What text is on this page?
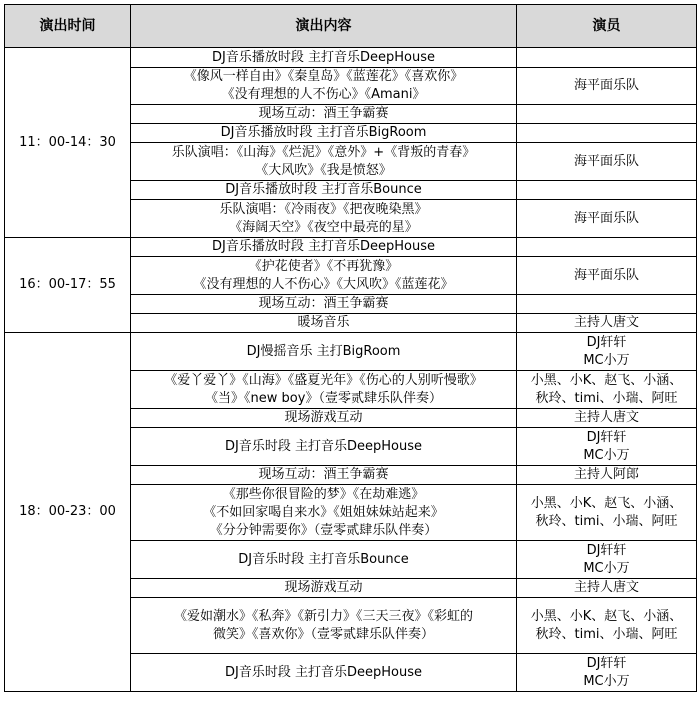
演出时间	演出内容	演员
11：00-14：30	DJ音乐播放时段 主打音乐DeepHouse	

	《像风一样自由》《秦皇岛》《蓝莲花》《喜欢你》
《没有理想的人不伤心》《Amani》	海平面乐队

	现场互动：酒王争霸赛	

	DJ音乐播放时段 主打音乐BigRoom	

	乐队演唱：《山海》《烂泥》《意外》+《背叛的青春》
《大风吹》《我是愤怒》	海平面乐队

	DJ音乐播放时段 主打音乐Bounce	

	乐队演唱：《冷雨夜》《把夜晚染黑》
《海阔天空》《夜空中最亮的星》	海平面乐队

16：00-17：55	DJ音乐播放时段 主打音乐DeepHouse	

	《护花使者》《不再犹豫》
《没有理想的人不伤心》《大风吹》《蓝莲花》	海平面乐队

	现场互动：酒王争霸赛	

	暖场音乐	主持人唐文

18：00-23：00	DJ慢摇音乐 主打BigRoom	DJ轩轩
MC小万

	《爱丫爱丫》《山海》《盛夏光年》《伤心的人别听慢歌》
《当》《new boy》（壹零贰肆乐队伴奏）	小黑、小K、赵飞、小涵、
秋玲、timi、小瑞、阿旺

	现场游戏互动	主持人唐文

	DJ音乐时段 主打音乐DeepHouse	DJ轩轩
MC小万

	现场互动：酒王争霸赛	主持人阿郎

	《那些你很冒险的梦》《在劫难逃》
《不如回家喝自来水》《姐姐妹妹站起来》
《分分钟需要你》（壹零贰肆乐队伴奏）	小黑、小K、赵飞、小涵、
秋玲、timi、小瑞、阿旺

	DJ音乐时段 主打音乐Bounce	DJ轩轩
MC小万

	现场游戏互动	主持人唐文

	《爱如潮水》《私奔》《新引力》《三天三夜》《彩虹的
微笑》《喜欢你》（壹零贰肆乐队伴奏）	小黑、小K、赵飞、小涵、
秋玲、timi、小瑞、阿旺

	DJ音乐时段 主打音乐DeepHouse	DJ轩轩
MC小万
